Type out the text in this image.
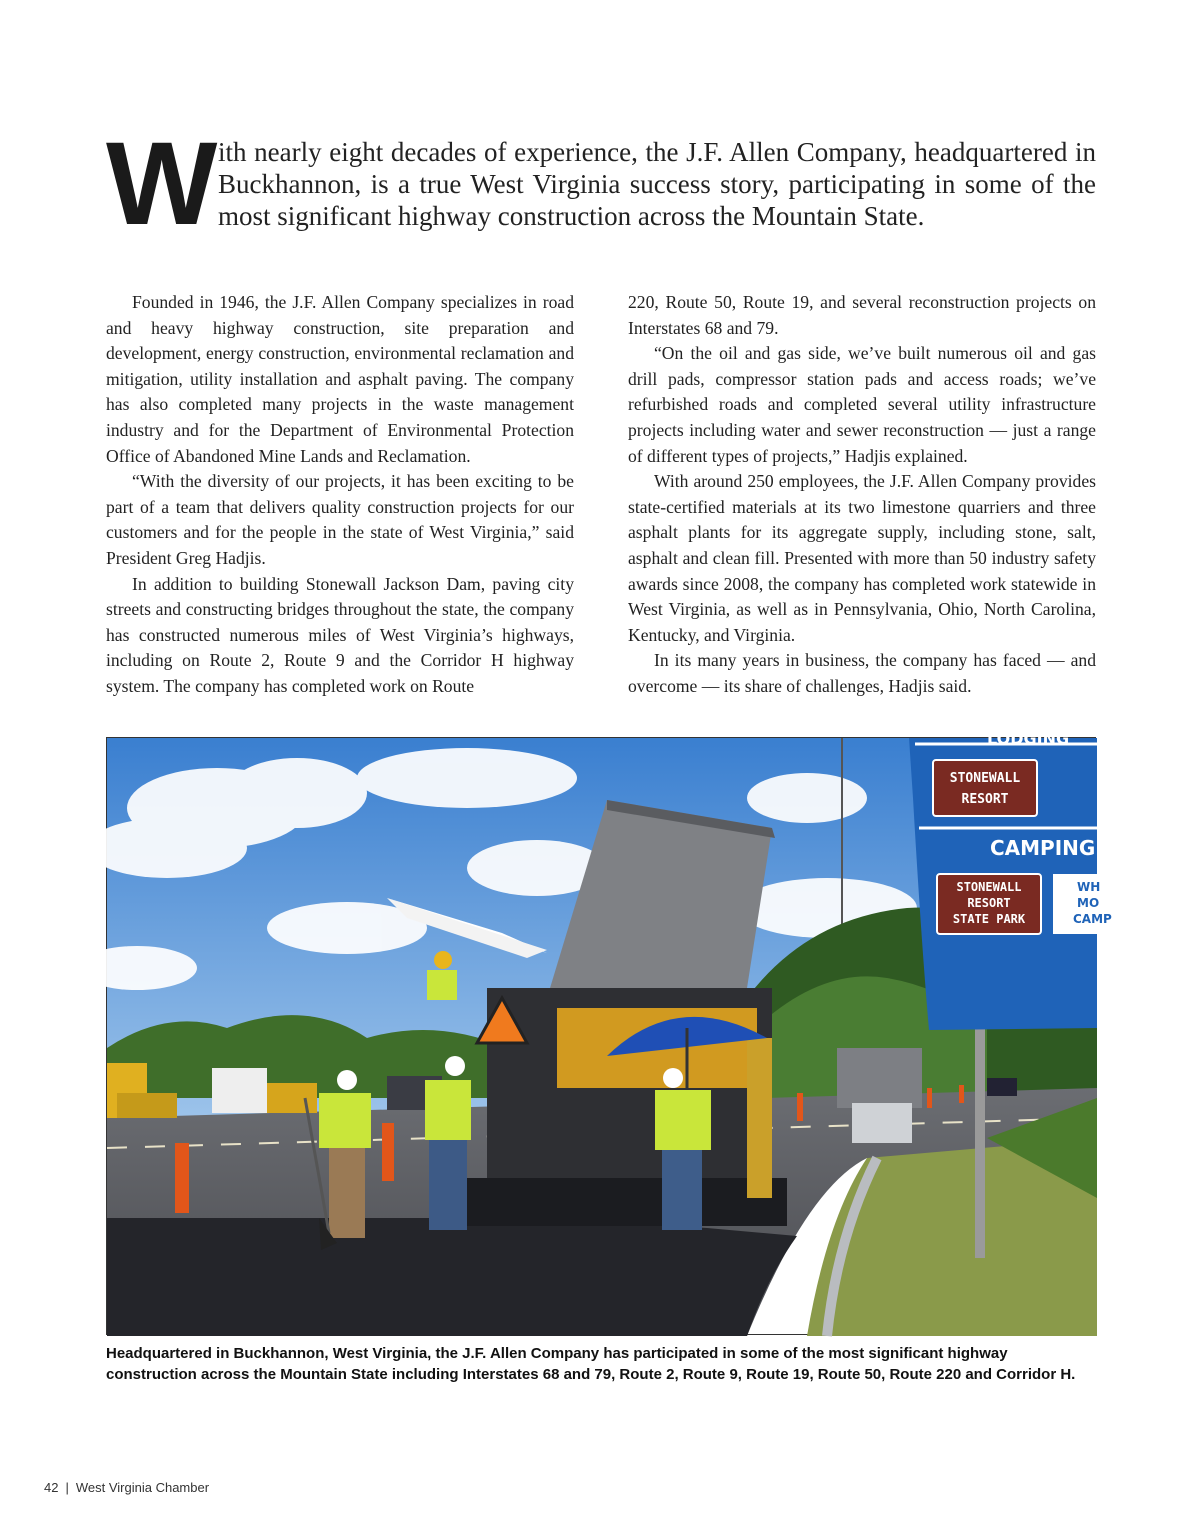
W ith nearly eight decades of experience, the J.F. Allen Company, headquartered in Buckhannon, is a true West Virginia success story, participating in some of the most significant highway construction across the Mountain State.

Founded in 1946, the J.F. Allen Company specializes in road and heavy highway construction, site preparation and development, energy construction, environmental reclamation and mitigation, utility installation and asphalt paving. The company has also completed many projects in the waste management industry and for the Department of Environmental Protection Office of Abandoned Mine Lands and Reclamation.

“With the diversity of our projects, it has been exciting to be part of a team that delivers quality construction projects for our customers and for the people in the state of West Virginia,” said President Greg Hadjis.

In addition to building Stonewall Jackson Dam, paving city streets and constructing bridges throughout the state, the company has constructed numerous miles of West Virginia’s highways, including on Route 2, Route 9 and the Corridor H highway system. The company has completed work on Route

220, Route 50, Route 19, and several reconstruction projects on Interstates 68 and 79.

“On the oil and gas side, we’ve built numerous oil and gas drill pads, compressor station pads and access roads; we’ve refurbished roads and completed several utility infrastructure projects including water and sewer reconstruction — just a range of different types of projects,” Hadjis explained.

With around 250 employees, the J.F. Allen Company provides state-certified materials at its two limestone quarriers and three asphalt plants for its aggregate supply, including stone, salt, asphalt and clean fill. Presented with more than 50 industry safety awards since 2008, the company has completed work statewide in West Virginia, as well as in Pennsylvania, Ohio, North Carolina, Kentucky, and Virginia.

In its many years in business, the company has faced — and overcome — its share of challenges, Hadjis said.

LODGING
STONEWALL
RESORT
CAMPING
STONEWALL
RESORT
STATE PARK
WH
MO
CAMP

Headquartered in Buckhannon, West Virginia, the J.F. Allen Company has participated in some of the most significant highway construction across the Mountain State including Interstates 68 and 79, Route 2, Route 9, Route 19, Route 50, Route 220 and Corridor H.

42 | West Virginia Chamber
